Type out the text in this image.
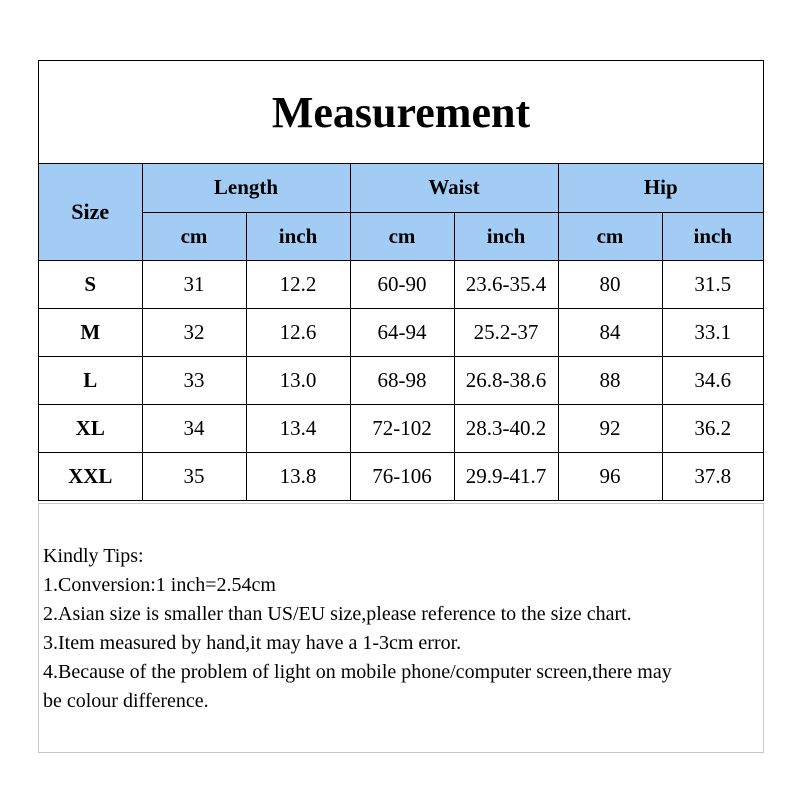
Measurement
Size	Length		Waist		Hip	
	cm	inch	cm	inch	cm	inch
S	31	12.2	60-90	23.6-35.4	80	31.5
M	32	12.6	64-94	25.2-37	84	33.1
L	33	13.0	68-98	26.8-38.6	88	34.6
XL	34	13.4	72-102	28.3-40.2	92	36.2
XXL	35	13.8	76-106	29.9-41.7	96	37.8
Kindly Tips:
1.Conversion:1 inch=2.54cm
2.Asian size is smaller than US/EU size,please reference to the size chart.
3.Item measured by hand,it may have a 1-3cm error.
4.Because of the problem of light on mobile phone/computer screen,there may
be colour difference.
